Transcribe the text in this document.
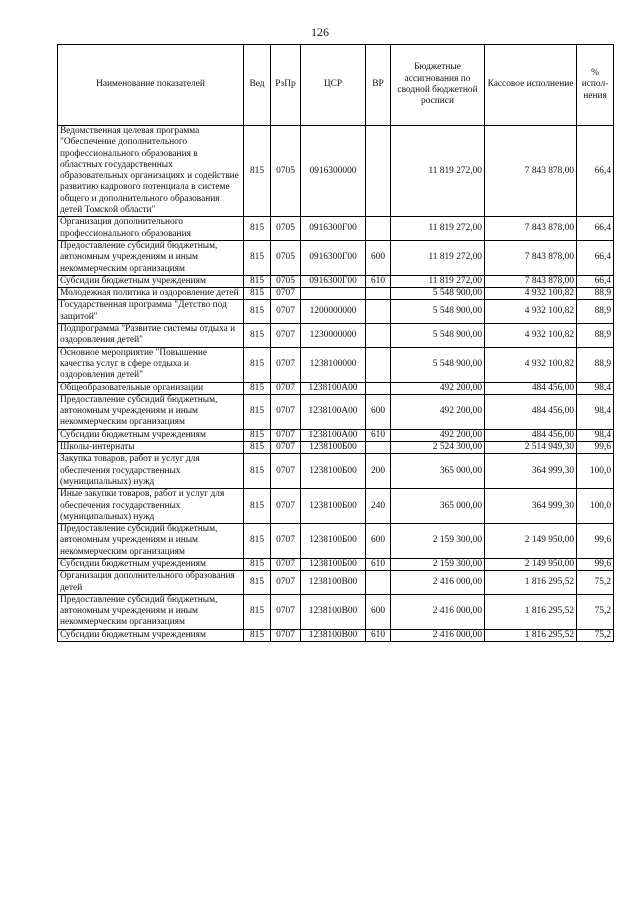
126
Наименование показателей	Вед	РзПр	ЦСР	ВР	Бюджетные ассигнования по сводной бюджетной росписи	Кассовое исполнение	% испол-нения
Ведомственная целевая программа "Обеспечение дополнительного профессионального образования в областных государственных образовательных организациях и содействие развитию кадрового потенциала в системе общего и дополнительного образования детей Томской области"	815	0705	0916300000		11 819 272,00	7 843 878,00	66,4
Организация дополнительного профессионального образования	815	0705	0916300Г00		11 819 272,00	7 843 878,00	66,4
Предоставление субсидий бюджетным, автономным учреждениям и иным некоммерческим организациям	815	0705	0916300Г00	600	11 819 272,00	7 843 878,00	66,4
Субсидии бюджетным учреждениям	815	0705	0916300Г00	610	11 819 272,00	7 843 878,00	66,4
Молодежная политика и оздоровление детей	815	0707			5 548 900,00	4 932 100,82	88,9
Государственная программа "Детство под защитой"	815	0707	1200000000		5 548 900,00	4 932 100,82	88,9
Подпрограмма "Развитие системы отдыха и оздоровления детей"	815	0707	1230000000		5 548 900,00	4 932 100,82	88,9
Основное мероприятие "Повышение качества услуг в сфере отдыха и оздоровления детей"	815	0707	1238100000		5 548 900,00	4 932 100,82	88,9
Общеобразовательные организации	815	0707	1238100А00		492 200,00	484 456,00	98,4
Предоставление субсидий бюджетным, автономным учреждениям и иным некоммерческим организациям	815	0707	1238100А00	600	492 200,00	484 456,00	98,4
Субсидии бюджетным учреждениям	815	0707	1238100А00	610	492 200,00	484 456,00	98,4
Школы-интернаты	815	0707	1238100Б00		2 524 300,00	2 514 949,30	99,6
Закупка товаров, работ и услуг для обеспечения государственных (муниципальных) нужд	815	0707	1238100Б00	200	365 000,00	364 999,30	100,0
Иные закупки товаров, работ и услуг для обеспечения государственных (муниципальных) нужд	815	0707	1238100Б00	240	365 000,00	364 999,30	100,0
Предоставление субсидий бюджетным, автономным учреждениям и иным некоммерческим организациям	815	0707	1238100Б00	600	2 159 300,00	2 149 950,00	99,6
Субсидии бюджетным учреждениям	815	0707	1238100Б00	610	2 159 300,00	2 149 950,00	99,6
Организация дополнительного образования детей	815	0707	1238100В00		2 416 000,00	1 816 295,52	75,2
Предоставление субсидий бюджетным, автономным учреждениям и иным некоммерческим организациям	815	0707	1238100В00	600	2 416 000,00	1 816 295,52	75,2
Субсидии бюджетным учреждениям	815	0707	1238100В00	610	2 416 000,00	1 816 295,52	75,2
